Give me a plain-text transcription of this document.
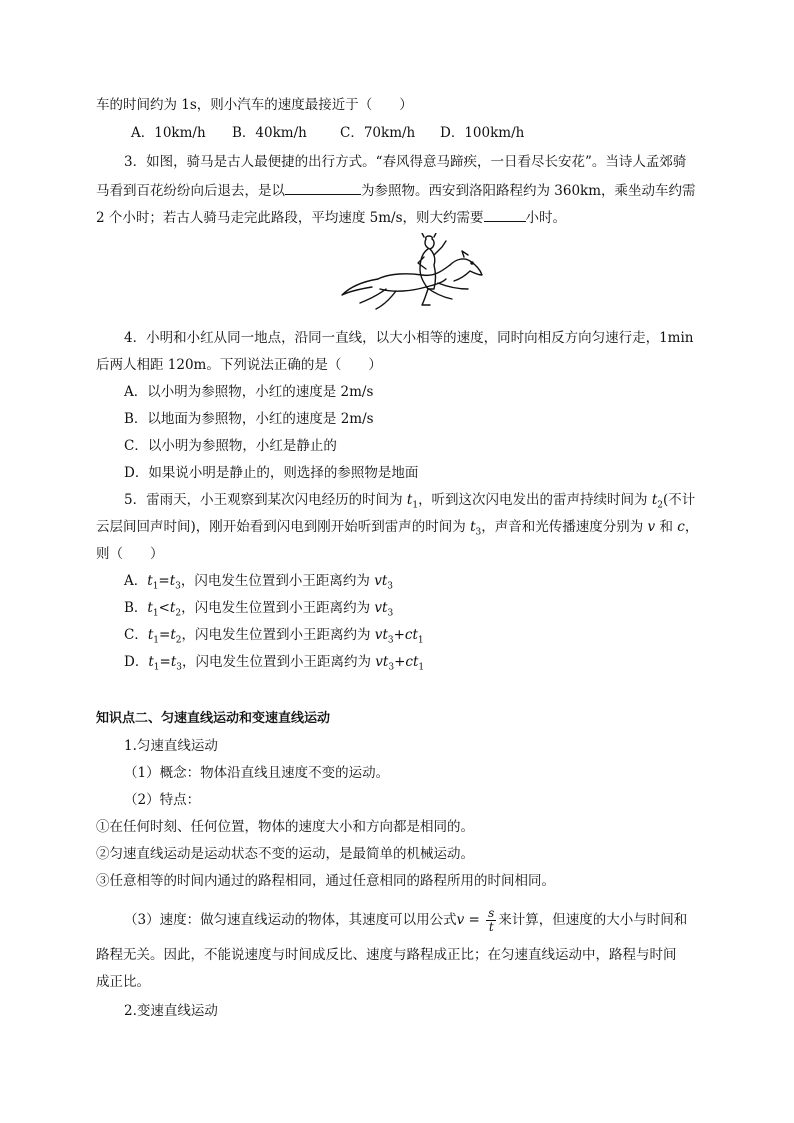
车的时间约为 1s，则小汽车的速度最接近于（　　）
A．10km/h B．40km/h C．70km/h D．100km/h
3．如图，骑马是古人最便捷的出行方式。“春风得意马蹄疾，一日看尽长安花”。当诗人孟郊骑
马看到百花纷纷向后退去，是以	为参照物。西安到洛阳路程约为 360km，乘坐动车约需
2 个小时；若古人骑马走完此路段，平均速度 5m/s，则大约需要	小时。
4．小明和小红从同一地点，沿同一直线，以大小相等的速度，同时向相反方向匀速行走，1min
后两人相距 120m。下列说法正确的是（　　）
A．以小明为参照物，小红的速度是 2m/s
B．以地面为参照物，小红的速度是 2m/s
C．以小明为参照物，小红是静止的
D．如果说小明是静止的，则选择的参照物是地面
5．雷雨天，小王观察到某次闪电经历的时间为 $t_1$，听到这次闪电发出的雷声持续时间为 $t_2$(不计
云层间回声时间)，刚开始看到闪电到刚开始听到雷声的时间为 $t_3$，声音和光传播速度分别为 v 和 c，
则（　　）
A．$t_1=t_3$，闪电发生位置到小王距离约为 $vt_3$
B．$t_1<t_2$，闪电发生位置到小王距离约为 $vt_3$
C．$t_1=t_2$，闪电发生位置到小王距离约为 $vt_3+ct_1$
D．$t_1=t_3$，闪电发生位置到小王距离约为 $vt_3+ct_1$
知识点二、匀速直线运动和变速直线运动
1.匀速直线运动
（1）概念：物体沿直线且速度不变的运动。
（2）特点：
①在任何时刻、任何位置，物体的速度大小和方向都是相同的。
②匀速直线运动是运动状态不变的运动，是最简单的机械运动。
③任意相等的时间内通过的路程相同，通过任意相同的路程所用的时间相同。
（3）速度：做匀速直线运动的物体，其速度可以用公式$v = \frac{s}{t}$ 来计算，但速度的大小与时间和
路程无关。因此，不能说速度与时间成反比、速度与路程成正比；在匀速直线运动中，路程与时间
成正比。
2.变速直线运动
